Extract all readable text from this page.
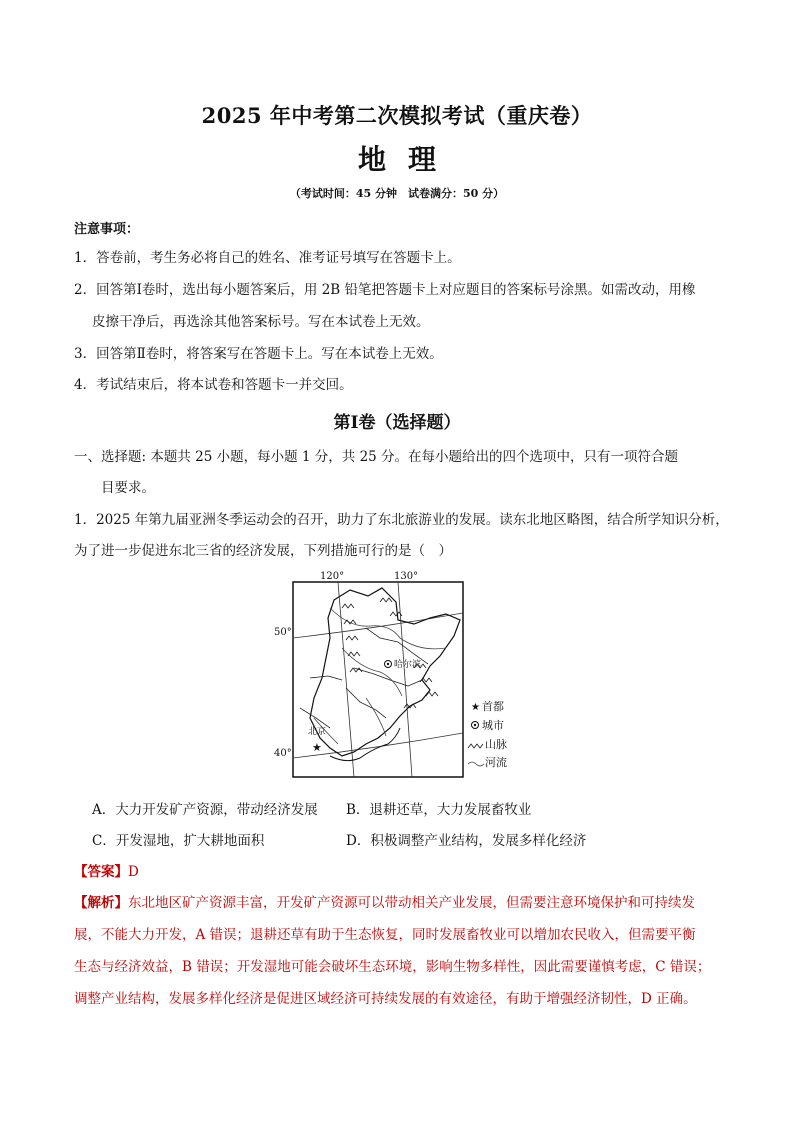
2025 年中考第二次模拟考试（重庆卷）
地理
（考试时间：45 分钟　试卷满分：50 分）
注意事项：
1．答卷前，考生务必将自己的姓名、准考证号填写在答题卡上。
2．回答第Ⅰ卷时，选出每小题答案后，用 2B 铅笔把答题卡上对应题目的答案标号涂黑。如需改动，用橡
皮擦干净后，再选涂其他答案标号。写在本试卷上无效。
3．回答第Ⅱ卷时，将答案写在答题卡上。写在本试卷上无效。
4．考试结束后，将本试卷和答题卡一并交回。
第Ⅰ卷（选择题）
一、选择题: 本题共 25 小题，每小题 1 分，共 25 分。在每小题给出的四个选项中，只有一项符合题
目要求。
1．2025 年第九届亚洲冬季运动会的召开，助力了东北旅游业的发展。读东北地区略图，结合所学知识分析，
为了进一步促进东北三省的经济发展，下列措施可行的是（　）
120°	130°
50°
40°
哈尔滨
北京
★
★ 首都
城市
山脉
河流
A．大力开发矿产资源，带动经济发展 B．退耕还草，大力发展畜牧业
C．开发湿地，扩大耕地面积	D．积极调整产业结构，发展多样化经济
【答案】D
【解析】东北地区矿产资源丰富，开发矿产资源可以带动相关产业发展，但需要注意环境保护和可持续发
展，不能大力开发，A 错误；退耕还草有助于生态恢复，同时发展畜牧业可以增加农民收入，但需要平衡
生态与经济效益，B 错误；开发湿地可能会破坏生态环境，影响生物多样性，因此需要谨慎考虑，C 错误；
调整产业结构，发展多样化经济是促进区域经济可持续发展的有效途径，有助于增强经济韧性，D 正确。
